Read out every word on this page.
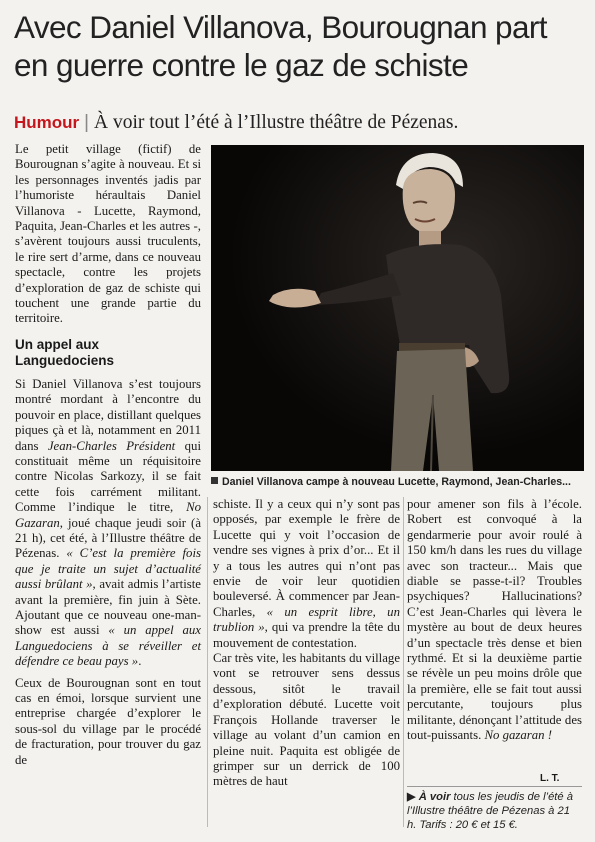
Avec Daniel Villanova, Bourougnan part en guerre contre le gaz de schiste
Humour | À voir tout l’été à l’Illustre théâtre de Pézenas.

Le petit village (fictif) de Bourougnan s’agite à nouveau. Et si les personnages inventés jadis par l’humoriste héraultais Daniel Villanova - Lucette, Raymond, Paquita, Jean-Charles et les autres -, s’avèrent toujours aussi truculents, le rire sert d’arme, dans ce nouveau spectacle, contre les projets d’exploration de gaz de schiste qui touchent une grande partie du territoire.

Un appel aux Languedociens

Si Daniel Villanova s’est toujours montré mordant à l’encontre du pouvoir en place, distillant quelques piques çà et là, notamment en 2011 dans Jean-Charles Président qui constituait même un réquisitoire contre Nicolas Sarkozy, il se fait cette fois carrément militant. Comme l’indique le titre, No Gazaran, joué chaque jeudi soir (à 21 h), cet été, à l’Illustre théâtre de Pézenas. « C’est la première fois que je traite un sujet d’actualité aussi brûlant », avait admis l’artiste avant la première, fin juin à Sète. Ajoutant que ce nouveau one-man-show est aussi « un appel aux Languedociens à se réveiller et défendre ce beau pays ».

Ceux de Bourougnan sont en tout cas en émoi, lorsque survient une entreprise chargée d’explorer le sous-sol du village par le procédé de fracturation, pour trouver du gaz de

Daniel Villanova campe à nouveau Lucette, Raymond, Jean-Charles...

schiste. Il y a ceux qui n’y sont pas opposés, par exemple le frère de Lucette qui y voit l’occasion de vendre ses vignes à prix d’or... Et il y a tous les autres qui n’ont pas envie de voir leur quotidien bouleversé. À commencer par Jean-Charles, « un esprit libre, un trublion », qui va prendre la tête du mouvement de contestation.

Car très vite, les habitants du village vont se retrouver sens dessus dessous, sitôt le travail d’exploration débuté. Lucette voit François Hollande traverser le village au volant d’un camion en pleine nuit. Paquita est obligée de grimper sur un derrick de 100 mètres de haut

pour amener son fils à l’école. Robert est convoqué à la gendarmerie pour avoir roulé à 150 km/h dans les rues du village avec son tracteur... Mais que diable se passe-t-il? Troubles psychiques? Hallucinations? C’est Jean-Charles qui lèvera le mystère au bout de deux heures d’un spectacle très dense et bien rythmé. Et si la deuxième partie se révèle un peu moins drôle que la première, elle se fait tout aussi percutante, toujours plus militante, dénonçant l’attitude des tout-puissants. No gazaran !

L. T.
▶ À voir tous les jeudis de l’été à l’Illustre théâtre de Pézenas à 21 h. Tarifs : 20 € et 15 €.
